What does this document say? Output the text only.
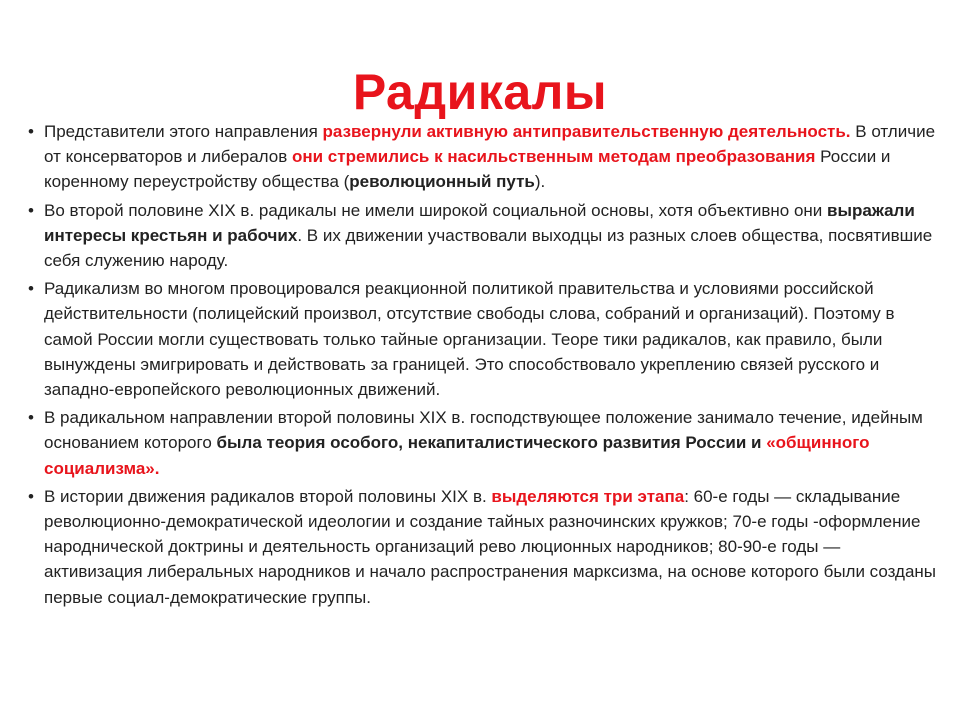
Радикалы
• Представители этого направления развернули активную антиправительственную деятельность. В отличие от консерваторов и либералов они стремились к насильственным методам преобразования России и коренному переустройству общества (революционный путь).
• Во второй половине XIX в. радикалы не имели широкой социальной основы, хотя объективно они выражали интересы крестьян и рабочих. В их движении участвовали выходцы из разных слоев общества, посвятившие себя служению народу.
• Радикализм во многом провоцировался реакционной политикой правительства и условиями российской действительности (полицейский произвол, отсутствие свободы слова, собраний и организаций). Поэтому в самой России могли существовать только тайные организации. Теоре тики радикалов, как правило, были вынуждены эмигрировать и действовать за границей. Это способствовало укреплению связей русского и западно-европейского революционных движений.
• В радикальном направлении второй половины XIX в. господствующее положение занимало течение, идейным основанием которого была теория особого, некапиталистического развития России и «общинного социализма».
• В истории движения радикалов второй половины XIX в. выделяются три этапа: 60-е годы — складывание революционно-демократической идеологии и создание тайных разночинских кружков; 70-е годы -оформление народнической доктрины и деятельность организаций рево люционных народников; 80-90-е годы — активизация либеральных народников и начало распространения марксизма, на основе которого были созданы первые социал-демократические группы.
